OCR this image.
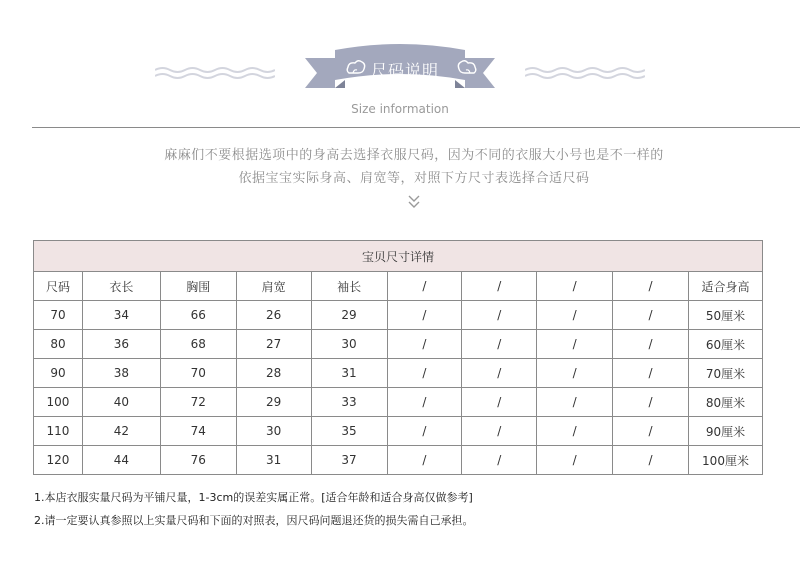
尺码说明
Size information
麻麻们不要根据选项中的身高去选择衣服尺码，因为不同的衣服大小号也是不一样的
依据宝宝实际身高、肩宽等，对照下方尺寸表选择合适尺码
宝贝尺寸详情									
尺码	衣长	胸围	肩宽	袖长	/	/	/	/	适合身高
70	34	66	26	29	/	/	/	/	50厘米
80	36	68	27	30	/	/	/	/	60厘米
90	38	70	28	31	/	/	/	/	70厘米
100	40	72	29	33	/	/	/	/	80厘米
110	42	74	30	35	/	/	/	/	90厘米
120	44	76	31	37	/	/	/	/	100厘米
1.本店衣服实量尺码为平铺尺量，1-3cm的误差实属正常。[适合年龄和适合身高仅做参考]
2.请一定要认真参照以上实量尺码和下面的对照表，因尺码问题退还货的损失需自己承担。
